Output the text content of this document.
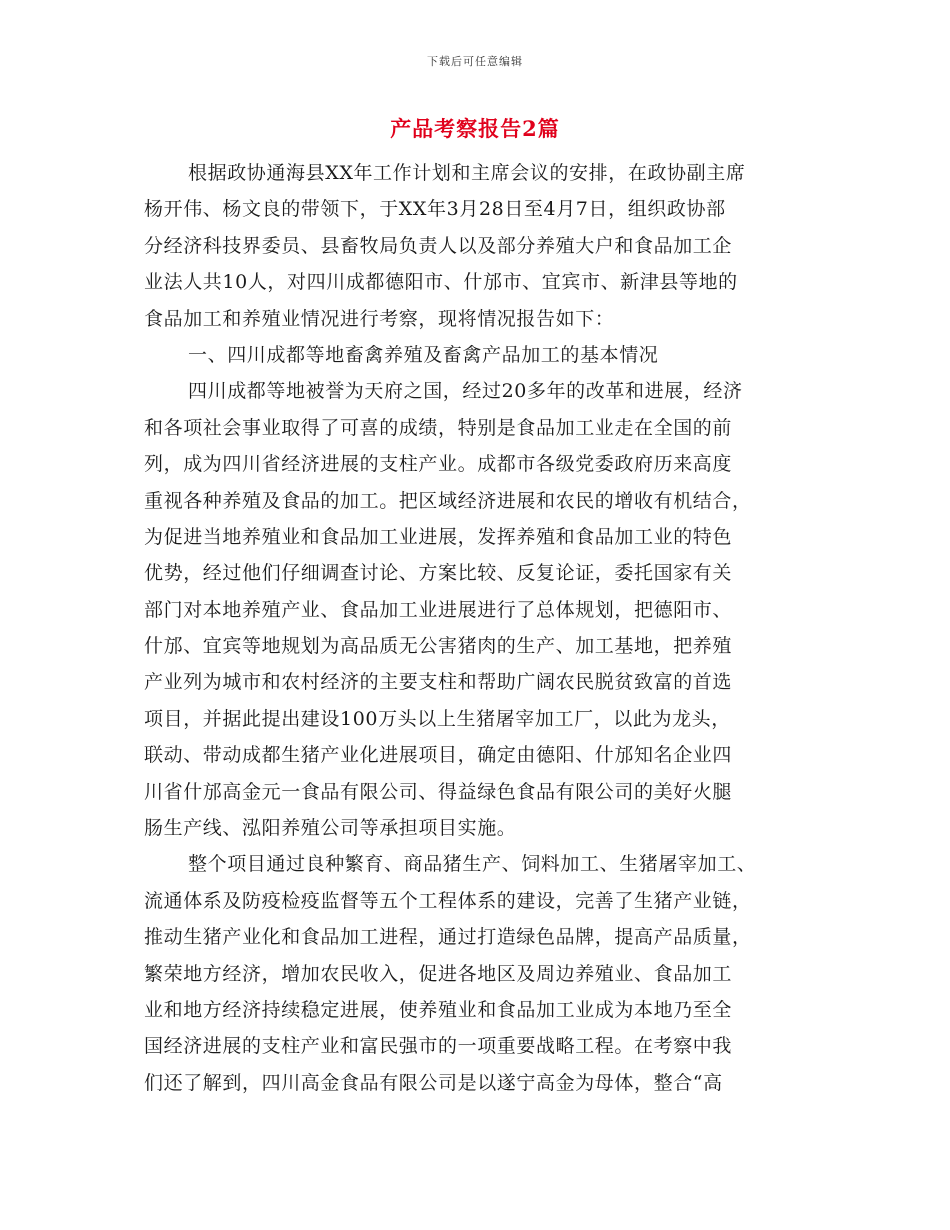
下载后可任意编辑
产品考察报告2篇
根据政协通海县XX年工作计划和主席会议的安排，在政协副主席
杨开伟、杨文良的带领下，于XX年3月28日至4月7日，组织政协部
分经济科技界委员、县畜牧局负责人以及部分养殖大户和食品加工企
业法人共10人，对四川成都德阳市、什邡市、宜宾市、新津县等地的
食品加工和养殖业情况进行考察，现将情况报告如下：
一、四川成都等地畜禽养殖及畜禽产品加工的基本情况
四川成都等地被誉为天府之国，经过20多年的改革和进展，经济
和各项社会事业取得了可喜的成绩，特别是食品加工业走在全国的前
列，成为四川省经济进展的支柱产业。成都市各级党委政府历来高度
重视各种养殖及食品的加工。把区域经济进展和农民的增收有机结合，
为促进当地养殖业和食品加工业进展，发挥养殖和食品加工业的特色
优势，经过他们仔细调查讨论、方案比较、反复论证，委托国家有关
部门对本地养殖产业、食品加工业进展进行了总体规划，把德阳市、
什邡、宜宾等地规划为高品质无公害猪肉的生产、加工基地，把养殖
产业列为城市和农村经济的主要支柱和帮助广阔农民脱贫致富的首选
项目，并据此提出建设100万头以上生猪屠宰加工厂，以此为龙头，
联动、带动成都生猪产业化进展项目，确定由德阳、什邡知名企业四
川省什邡高金元一食品有限公司、得益绿色食品有限公司的美好火腿
肠生产线、泓阳养殖公司等承担项目实施。
整个项目通过良种繁育、商品猪生产、饲料加工、生猪屠宰加工、
流通体系及防疫检疫监督等五个工程体系的建设，完善了生猪产业链，
推动生猪产业化和食品加工进程，通过打造绿色品牌，提高产品质量，
繁荣地方经济，增加农民收入，促进各地区及周边养殖业、食品加工
业和地方经济持续稳定进展，使养殖业和食品加工业成为本地乃至全
国经济进展的支柱产业和富民强市的一项重要战略工程。在考察中我
们还了解到，四川高金食品有限公司是以遂宁高金为母体，整合“高
